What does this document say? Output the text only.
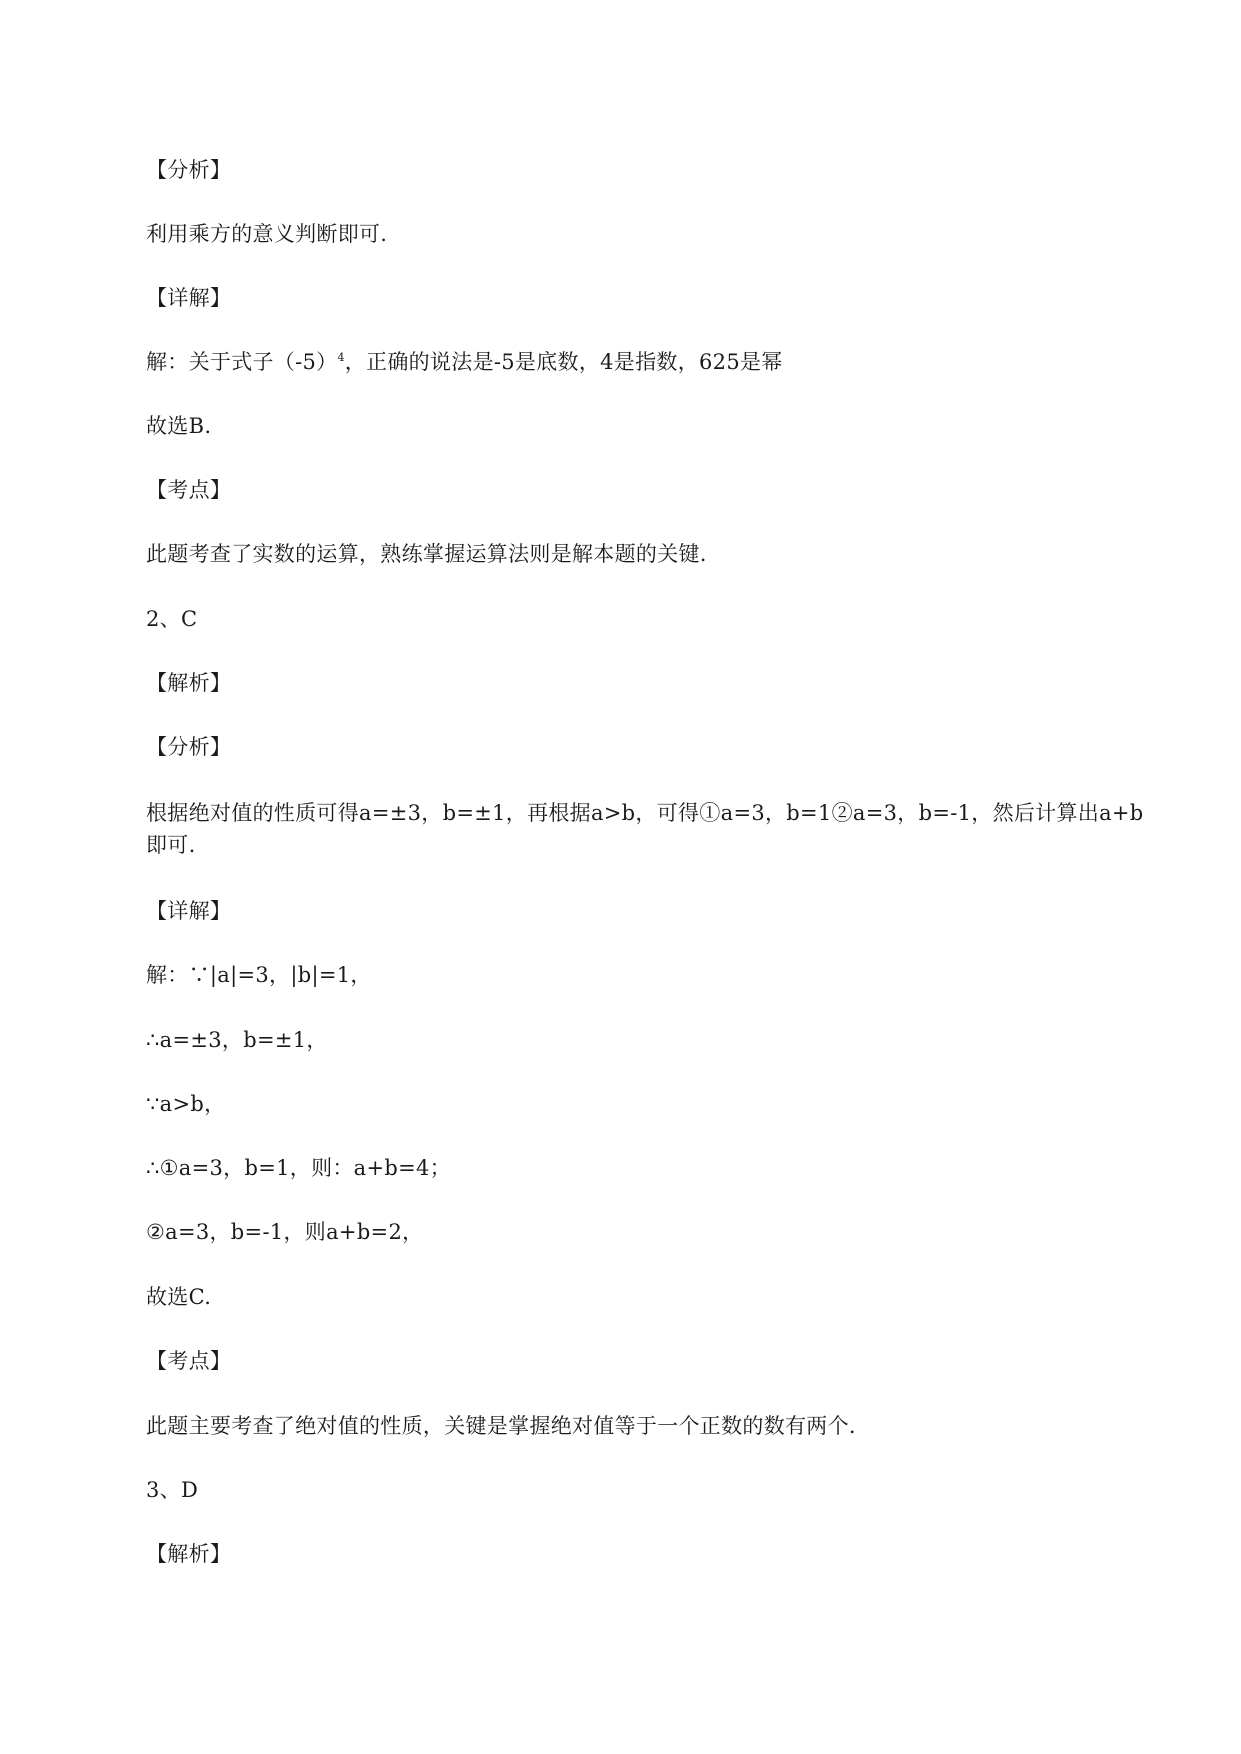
【分析】
利用乘方的意义判断即可.
【详解】
解：关于式子$(-5)^4$，正确的说法是-5是底数，4是指数，625是幂
故选B.
【考点】
此题考查了实数的运算，熟练掌握运算法则是解本题的关键.
2、C
【解析】
【分析】
根据绝对值的性质可得a=±3，b=±1，再根据a>b，可得①a=3，b=1②a=3，b=-1，然后计算出a+b即可.
【详解】
解：∵|a|=3，|b|=1，
∴a=±3，b=±1，
∵a>b，
∴①a=3，b=1，则：a+b=4；
②a=3，b=-1，则a+b=2，
故选C.
【考点】
此题主要考查了绝对值的性质，关键是掌握绝对值等于一个正数的数有两个.
3、D
【解析】
